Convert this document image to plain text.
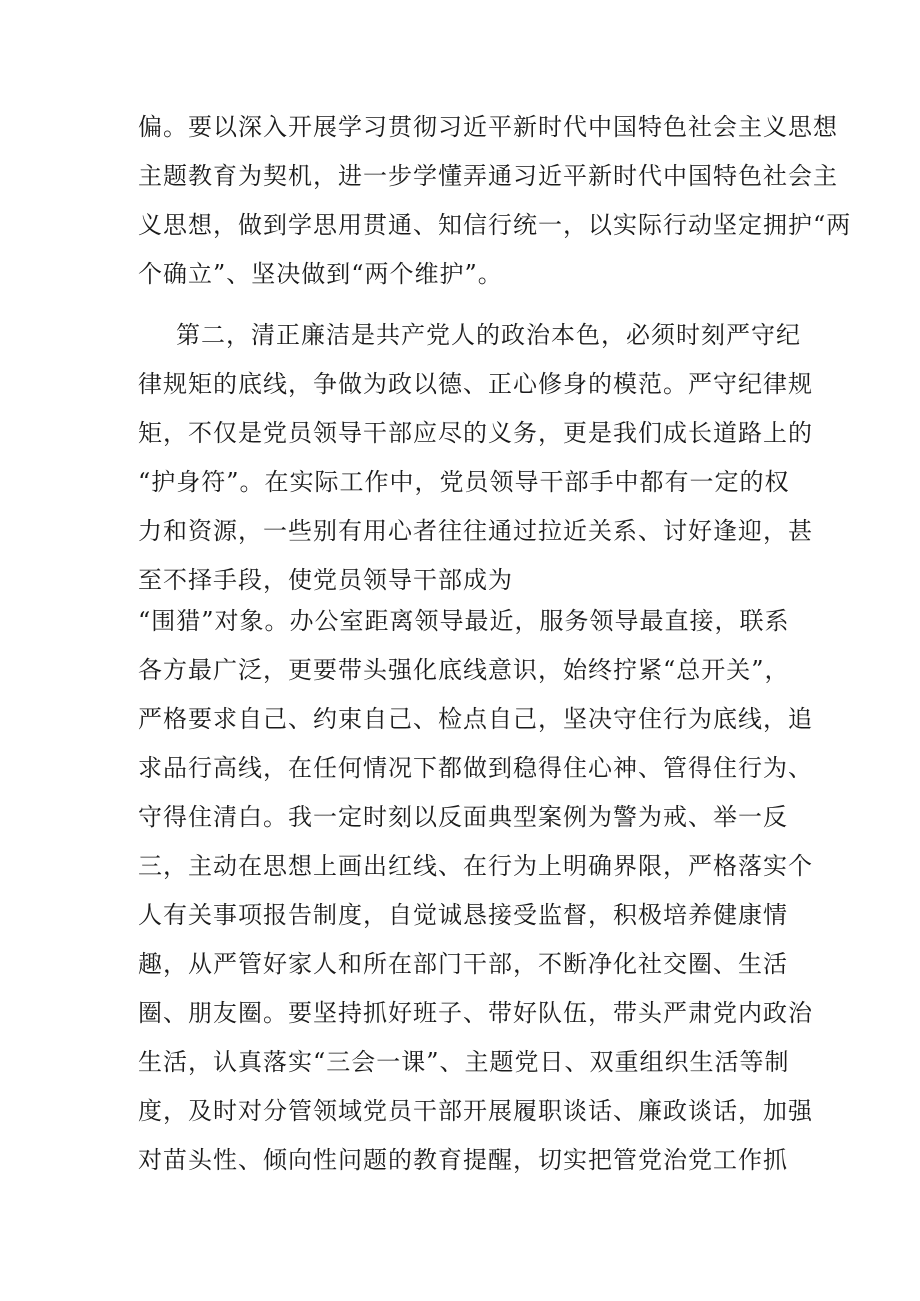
偏。要以深入开展学习贯彻习近平新时代中国特色社会主义思想
主题教育为契机，进一步学懂弄通习近平新时代中国特色社会主
义思想，做到学思用贯通、知信行统一，以实际行动坚定拥护“两
个确立”、坚决做到“两个维护”。
第二，清正廉洁是共产党人的政治本色，必须时刻严守纪
律规矩的底线，争做为政以德、正心修身的模范。严守纪律规
矩，不仅是党员领导干部应尽的义务，更是我们成长道路上的
“护身符”。在实际工作中，党员领导干部手中都有一定的权
力和资源，一些别有用心者往往通过拉近关系、讨好逢迎，甚
至不择手段，使党员领导干部成为
“围猎”对象。办公室距离领导最近，服务领导最直接，联系
各方最广泛，更要带头强化底线意识，始终拧紧“总开关”，
严格要求自己、约束自己、检点自己，坚决守住行为底线，追
求品行高线，在任何情况下都做到稳得住心神、管得住行为、
守得住清白。我一定时刻以反面典型案例为警为戒、举一反
三，主动在思想上画出红线、在行为上明确界限，严格落实个
人有关事项报告制度，自觉诚恳接受监督，积极培养健康情
趣，从严管好家人和所在部门干部，不断净化社交圈、生活
圈、朋友圈。要坚持抓好班子、带好队伍，带头严肃党内政治
生活，认真落实“三会一课”、主题党日、双重组织生活等制
度，及时对分管领域党员干部开展履职谈话、廉政谈话，加强
对苗头性、倾向性问题的教育提醒，切实把管党治党工作抓
